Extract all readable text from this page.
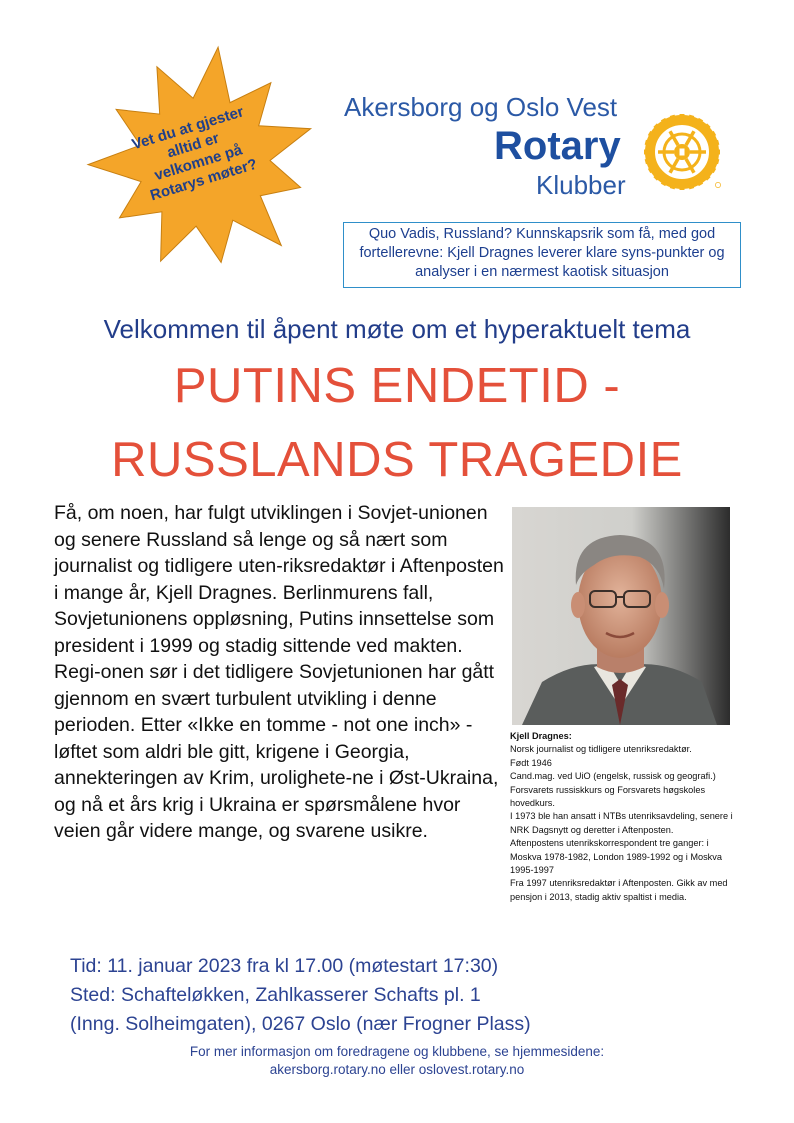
Vet du at gjester
alltid er
velkomne på
Rotarys møter?
Akersborg og Oslo Vest
Rotary
Klubber
Quo Vadis, Russland? Kunnskapsrik som få, med god fortellerevne: Kjell Dragnes leverer klare syns-punkter og analyser i en nærmest kaotisk situasjon
Velkommen til åpent møte om et hyperaktuelt tema
PUTINS ENDETID -
RUSSLANDS TRAGEDIE
Få, om noen, har fulgt utviklingen i Sovjet-unionen og senere Russland så lenge og så nært som journalist og tidligere uten-riksredaktør i Aftenposten i mange år, Kjell Dragnes. Berlinmurens fall, Sovjetunionens oppløsning, Putins innsettelse som president i 1999 og stadig sittende ved makten. Regi-onen sør i det tidligere Sovjetunionen har gått gjennom en svært turbulent utvikling i denne perioden. Etter «Ikke en tomme - not one inch» - løftet som aldri ble gitt, krigene i Georgia, annekteringen av Krim, urolighete-ne i Øst-Ukraina, og nå et års krig i Ukraina er spørsmålene hvor veien går videre mange, og svarene usikre.
Kjell Dragnes:
Norsk journalist og tidligere utenriksredaktør.
Født 1946
Cand.mag. ved UiO (engelsk, russisk og geografi.)
Forsvarets russiskkurs og Forsvarets høgskoles hovedkurs.
I 1973 ble han ansatt i NTBs utenriksavdeling, senere i NRK Dagsnytt og deretter i Aftenposten.
Aftenpostens utenrikskorrespondent tre ganger: i Moskva 1978-1982, London 1989-1992 og i Moskva 1995-1997
Fra 1997 utenriksredaktør i Aftenposten. Gikk av med pensjon i 2013, stadig aktiv spaltist i media.
Tid: 11. januar 2023 fra kl 17.00 (møtestart 17:30)
Sted: Schafteløkken, Zahlkasserer Schafts pl. 1
(Inng. Solheimgaten), 0267 Oslo (nær Frogner Plass)
For mer informasjon om foredragene og klubbene, se hjemmesidene:
akersborg.rotary.no eller oslovest.rotary.no
